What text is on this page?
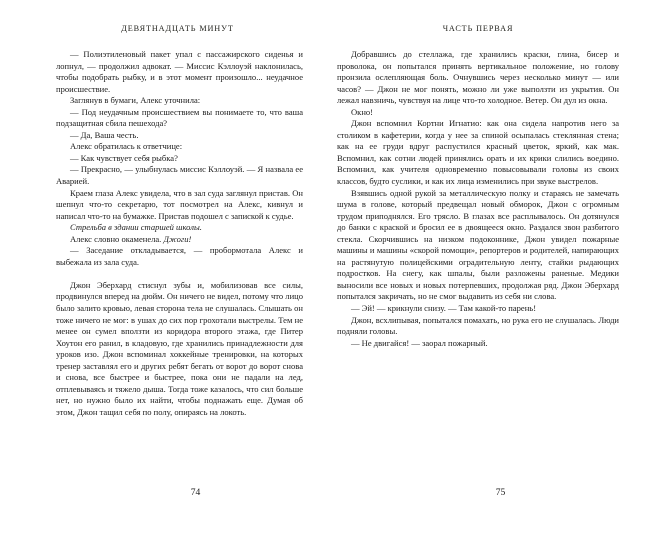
ДЕВЯТНАДЦАТЬ МИНУТ

— Полиэтиленовый пакет упал с пассажирского сиденья и лопнул, — продолжил адвокат. — Миссис Кэллоуэй наклонилась, чтобы подобрать рыбку, и в этот момент произошло... неудачное происшествие.

Заглянув в бумаги, Алекс уточнила:

— Под неудачным происшествием вы понимаете то, что ваша подзащитная сбила пешехода?

— Да, Ваша честь.

Алекс обратилась к ответчице:

— Как чувствует себя рыбка?

— Прекрасно, — улыбнулась миссис Кэллоуэй. — Я назвала ее Аварией.

Краем глаза Алекс увидела, что в зал суда заглянул пристав. Он шепнул что-то секретарю, тот посмотрел на Алекс, кивнул и написал что-то на бумажке. Пристав подошел с запиской к судье.

Стрельба в здании старшей школы.

Алекс словно окаменела. Джоги!

— Заседание откладывается, — пробормотала Алекс и выбежала из зала суда.

Джон Эберхард стиснул зубы и, мобилизовав все силы, продвинулся вперед на дюйм. Он ничего не видел, потому что лицо было залито кровью, левая сторона тела не слушалась. Слышать он тоже ничего не мог: в ушах до сих пор грохотали выстрелы. Тем не менее он сумел вползти из коридора второго этажа, где Питер Хоутон его ранил, в кладовую, где хранились принадлежности для уроков изо. Джон вспоминал хоккейные тренировки, на которых тренер заставлял его и других ребят бегать от ворот до ворот снова и снова, все быстрее и быстрее, пока они не падали на лед, отплевываясь и тяжело дыша. Тогда тоже казалось, что сил больше нет, но нужно было их найти, чтобы поднажать еще. Думая об этом, Джон тащил себя по полу, опираясь на локоть.

74
ЧАСТЬ ПЕРВАЯ

Добравшись до стеллажа, где хранились краски, глина, бисер и проволока, он попытался принять вертикальное положение, но голову пронзила ослепляющая боль. Очнувшись через несколько минут — или часов? — Джон не мог понять, можно ли уже выползти из укрытия. Он лежал навзничь, чувствуя на лице что-то холодное. Ветер. Он дул из окна.

Окно!

Джон вспомнил Кортни Игнатио: как она сидела напротив него за столиком в кафетерии, когда у нее за спиной осыпалась стеклянная стена; как на ее груди вдруг распустился красный цветок, яркий, как мак. Вспомнил, как сотни людей принялись орать и их крики слились воедино. Вспомнил, как учителя одновременно повысовывали головы из своих классов, будто суслики, и как их лица изменились при звуке выстрелов.

Взявшись одной рукой за металлическую полку и стараясь не замечать шума в голове, который предвещал новый обморок, Джон с огромным трудом приподнялся. Его трясло. В глазах все расплывалось. Он дотянулся до банки с краской и бросил ее в двоящееся окно. Раздался звон разбитого стекла. Скорчившись на низком подоконнике, Джон увидел пожарные машины и машины «скорой помощи», репортеров и родителей, напирающих на растянутую полицейскими оградительную ленту, стайки рыдающих подростков. На снегу, как шпалы, были разложены раненые. Медики выносили все новых и новых потерпевших, продолжая ряд. Джон Эберхард попытался закричать, но не смог выдавить из себя ни слова.

— Эй! — крикнули снизу. — Там какой-то парень!

Джон, всхлипывая, попытался помахать, но рука его не слушалась. Люди подняли головы.

— Не двигайся! — заорал пожарный.

75
